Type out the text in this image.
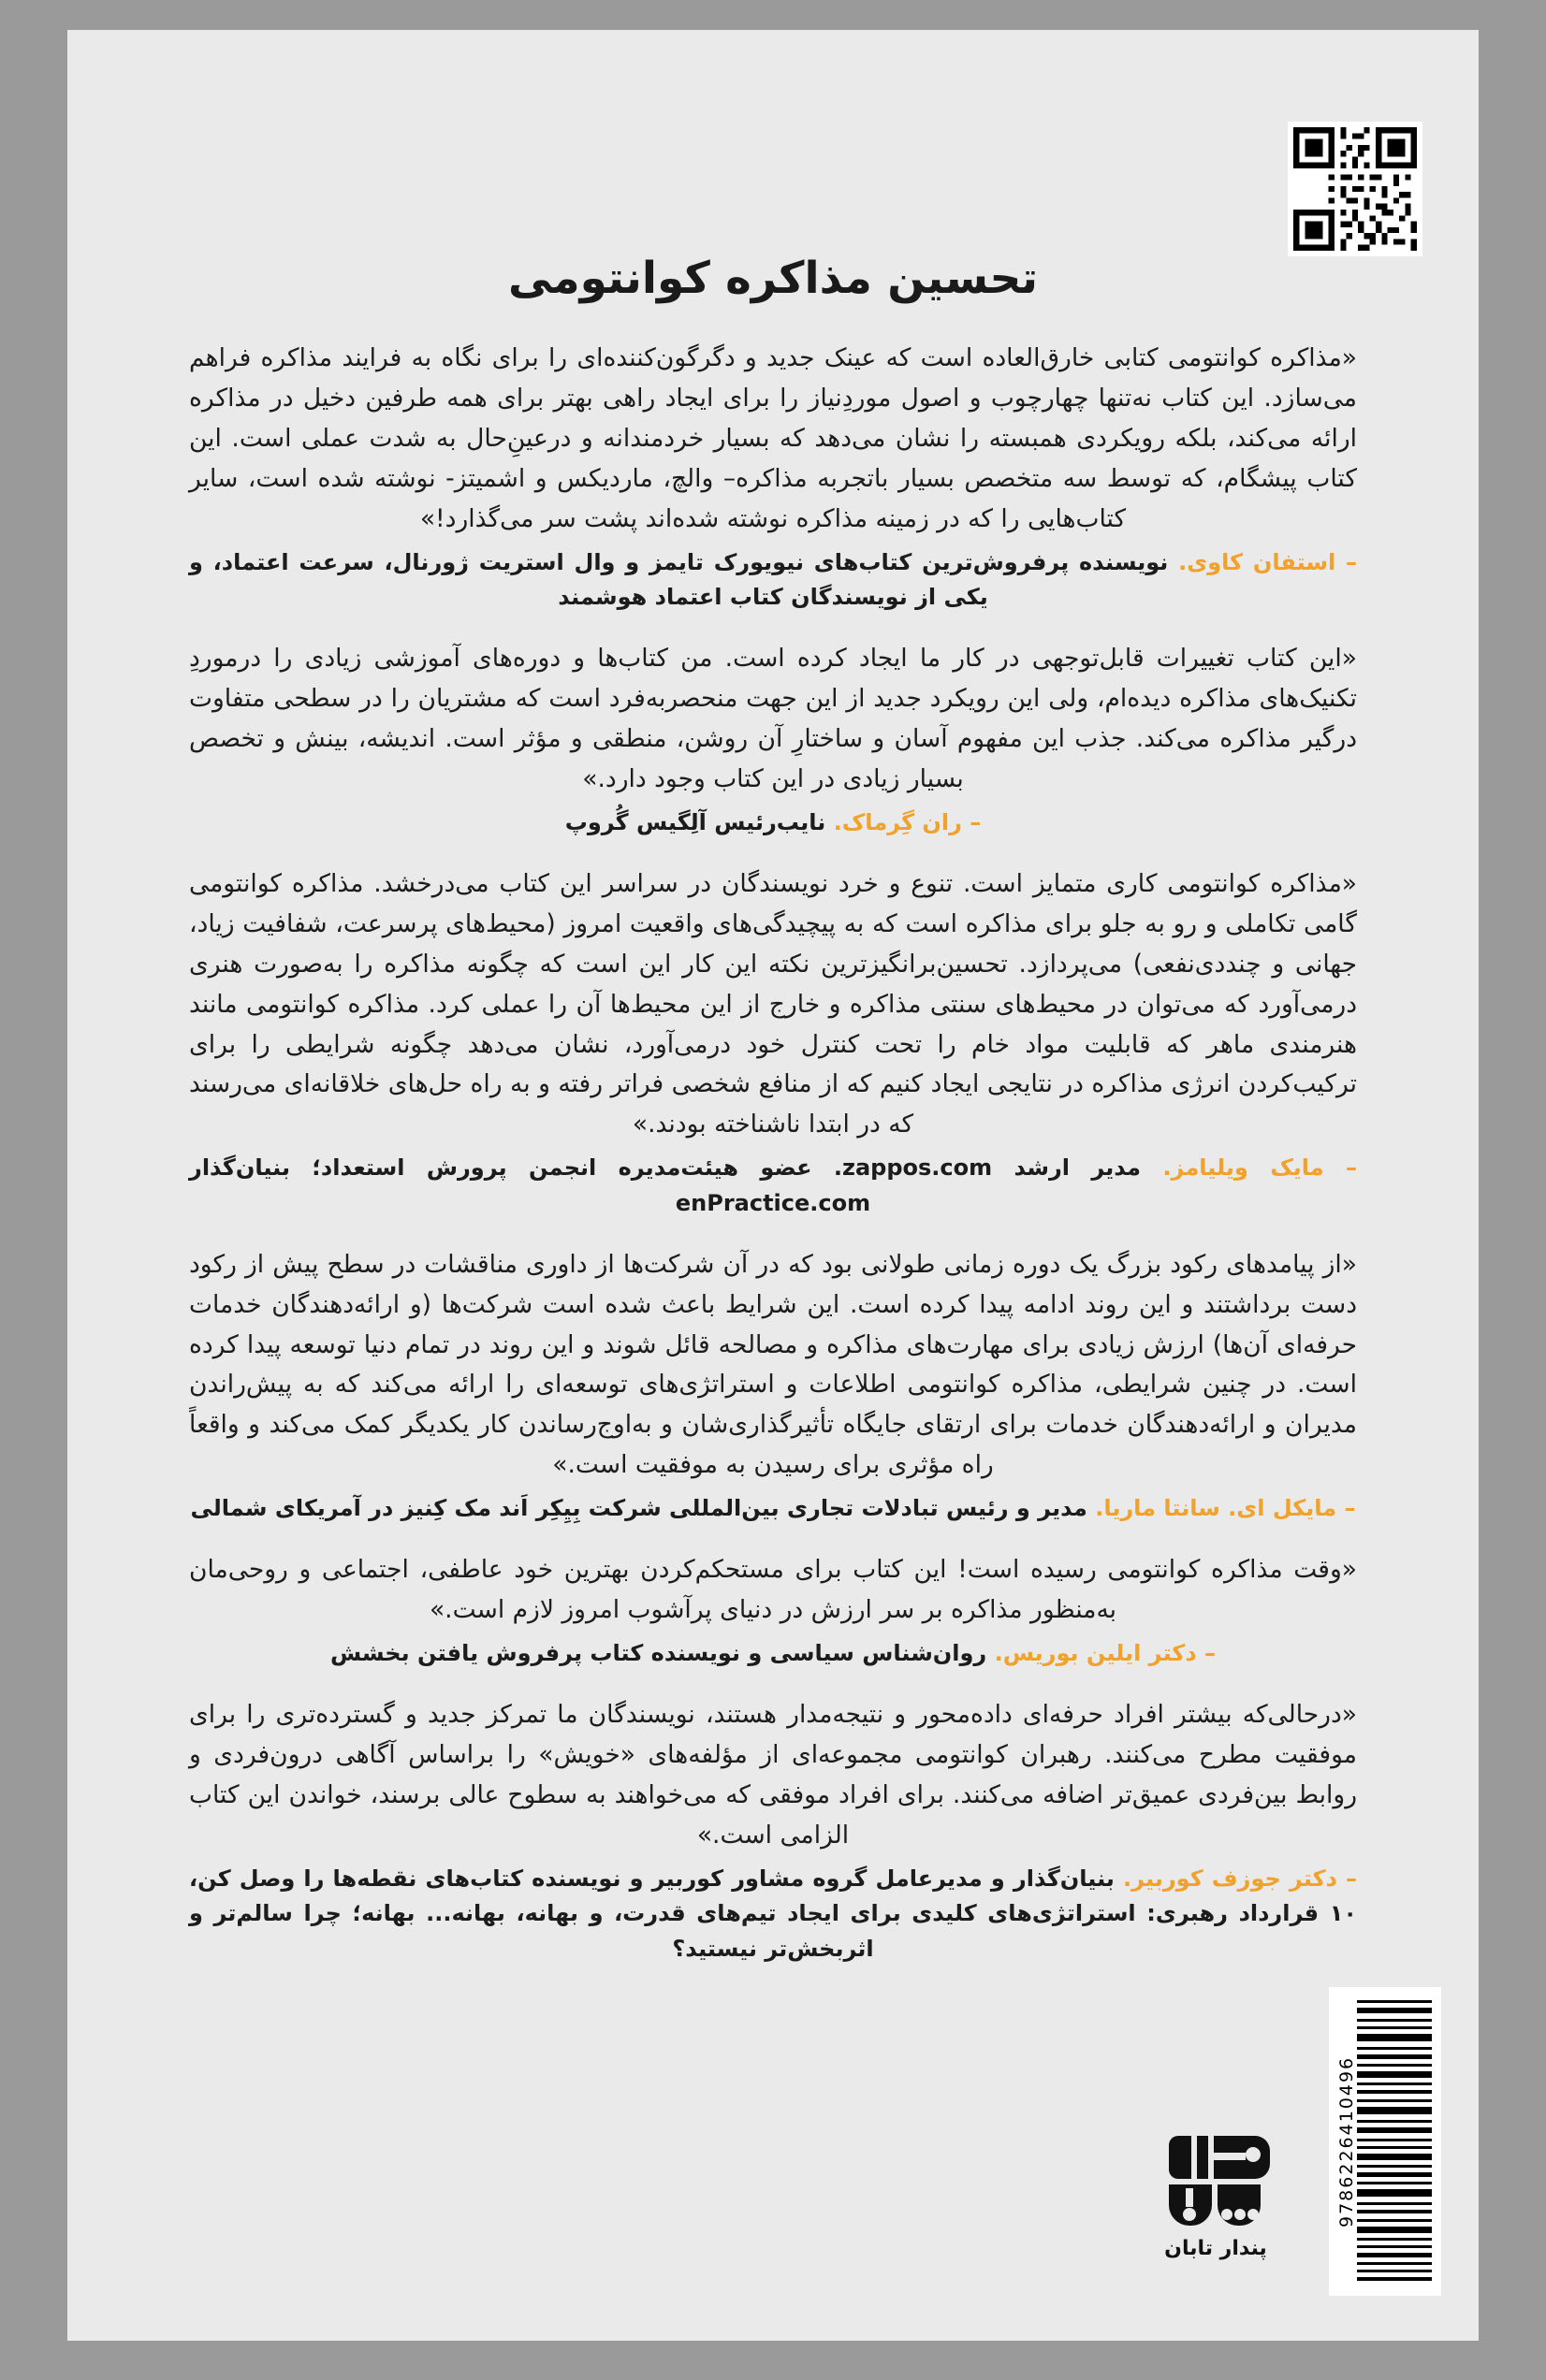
تحسین مذاکره کوانتومی

«مذاکره کوانتومی کتابی خارق‌العاده است که عینک جدید و دگرگون‌کننده‌ای را برای نگاه به فرایند مذاکره فراهم می‌سازد. این کتاب نه‌تنها چهارچوب و اصول موردِنیاز را برای ایجاد راهی بهتر برای همه طرفین دخیل در مذاکره ارائه می‌کند، بلکه رویکردی همبسته را نشان می‌دهد که بسیار خردمندانه و درعینِ‌حال به شدت عملی است. این کتاب پیشگام، که توسط سه متخصص بسیار باتجربه مذاکره– والچ، ماردیکس و اشمیتز- نوشته شده است، سایر کتاب‌هایی را که در زمینه مذاکره نوشته شده‌اند پشت سر می‌گذارد!»

– استفان کاوی. نویسنده پرفروش‌ترین کتاب‌های نیویورک تایمز و وال استریت ژورنال، سرعت اعتماد، و یکی از نویسندگان کتاب اعتماد هوشمند

«این کتاب تغییرات قابل‌توجهی در کار ما ایجاد کرده است. من کتاب‌ها و دوره‌های آموزشی زیادی را درموردِ تکنیک‌های مذاکره دیده‌ام، ولی این رویکرد جدید از این جهت منحصربه‌فرد است که مشتریان را در سطحی متفاوت درگیر مذاکره می‌کند. جذب این مفهوم آسان و ساختارِ آن روشن، منطقی و مؤثر است. اندیشه، بینش و تخصص بسیار زیادی در این کتاب وجود دارد.»

– ران گِرماک. نایب‌رئیس آلِگیس گُروپ

«مذاکره کوانتومی کاری متمایز است. تنوع و خرد نویسندگان در سراسر این کتاب می‌درخشد. مذاکره کوانتومی گامی تکاملی و رو به جلو برای مذاکره است که به پیچیدگی‌های واقعیت امروز (محیط‌های پرسرعت، شفافیت زیاد، جهانی و چنددی‌نفعی) می‌پردازد. تحسین‌برانگیزترین نکته این کار این است که چگونه مذاکره را به‌صورت هنری درمی‌آورد که می‌توان در محیط‌های سنتی مذاکره و خارج از این محیط‌ها آن را عملی کرد. مذاکره کوانتومی مانند هنرمندی ماهر که قابلیت مواد خام را تحت کنترل خود درمی‌آورد، نشان می‌دهد چگونه شرایطی را برای ترکیب‌کردن انرژی مذاکره در نتایجی ایجاد کنیم که از منافع شخصی فراتر رفته و به راه حل‌های خلاقانه‌ای می‌رسند که در ابتدا ناشناخته بودند.»

– مایک ویلیامز. مدیر ارشد zappos.com. عضو هیئت‌مدیره انجمن پرورش استعداد؛ بنیان‌گذار enPractice.com

«از پیامدهای رکود بزرگ یک دوره زمانی طولانی بود که در آن شرکت‌ها از داوری مناقشات در سطح پیش از رکود دست برداشتند و این روند ادامه پیدا کرده است. این شرایط باعث شده است شرکت‌ها (و ارائه‌دهندگان خدمات حرفه‌ای آن‌ها) ارزش زیادی برای مهارت‌های مذاکره و مصالحه قائل شوند و این روند در تمام دنیا توسعه پیدا کرده است. در چنین شرایطی، مذاکره کوانتومی اطلاعات و استراتژی‌های توسعه‌ای را ارائه می‌کند که به پیش‌راندن مدیران و ارائه‌دهندگان خدمات برای ارتقای جایگاه تأثیرگذاری‌شان و به‌اوج‌رساندن کار یکدیگر کمک می‌کند و واقعاً راه مؤثری برای رسیدن به موفقیت است.»

– مایکل ای. سانتا ماریا. مدیر و رئیس تبادلات تجاری بین‌المللی شرکت بِیِکِر اَند مک کِنیز در آمریکای شمالی

«وقت مذاکره کوانتومی رسیده است! این کتاب برای مستحکم‌کردن بهترین خود عاطفی، اجتماعی و روحی‌مان به‌منظور مذاکره بر سر ارزش در دنیای پرآشوب امروز لازم است.»

– دکتر ایلین بوریس. روان‌شناس سیاسی و نویسنده کتاب پرفروش یافتن بخشش

«درحالی‌که بیشتر افراد حرفه‌ای داده‌محور و نتیجه‌مدار هستند، نویسندگان ما تمرکز جدید و گسترده‌تری را برای موفقیت مطرح می‌کنند. رهبران کوانتومی مجموعه‌ای از مؤلفه‌های «خویش» را براساس آگاهی درون‌فردی و روابط بین‌فردی عمیق‌تر اضافه می‌کنند. برای افراد موفقی که می‌خواهند به سطوح عالی برسند، خواندن این کتاب الزامی است.»

– دکتر جوزف کوربیر. بنیان‌گذار و مدیرعامل گروه مشاور کوربیر و نویسنده کتاب‌های نقطه‌ها را وصل کن، ۱۰ قرارداد رهبری: استراتژی‌های کلیدی برای ایجاد تیم‌های قدرت، و بهانه، بهانه... بهانه؛ چرا سالم‌تر و اثربخش‌تر نیستید؟

9786226410496
پندار تابان
